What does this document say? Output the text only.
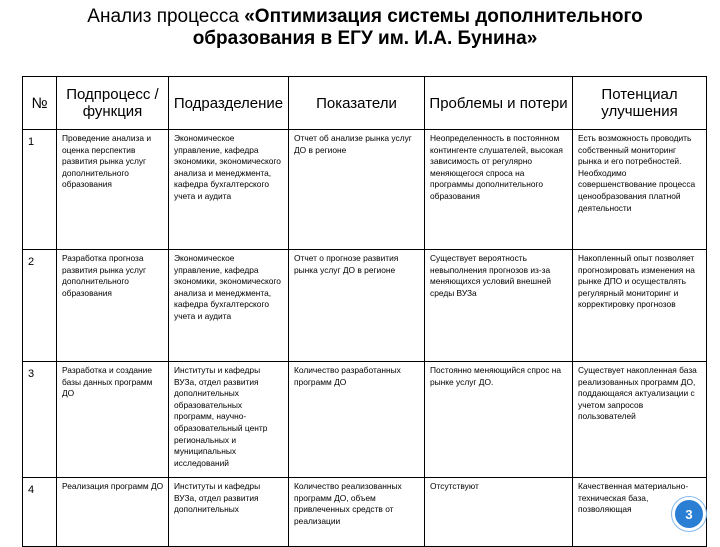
Анализ процесса «Оптимизация системы дополнительного образования в ЕГУ им. И.А. Бунина»
№	Подпроцесс / функция	Подразделение	Показатели	Проблемы и потери	Потенциал улучшения
1	Проведение анализа и оценка перспектив развития рынка услуг дополнительного образования	Экономическое управление, кафедра экономики, экономического анализа и менеджмента, кафедра бухгалтерского учета и аудита	Отчет об анализе рынка услуг ДО в регионе	Неопределенность в постоянном контингенте слушателей, высокая зависимость от регулярно меняющегося спроса на программы дополнительного образования	Есть возможность проводить собственный мониторинг рынка и его потребностей. Необходимо совершенствование процесса ценообразования платной деятельности
2	Разработка прогноза развития рынка услуг дополнительного образования	Экономическое управление, кафедра экономики, экономического анализа и менеджмента, кафедра бухгалтерского учета и аудита	Отчет о прогнозе развития рынка услуг ДО в регионе	Существует вероятность невыполнения прогнозов из-за меняющихся условий внешней среды ВУЗа	Накопленный опыт позволяет прогнозировать изменения на рынке ДПО и осуществлять регулярный мониторинг и корректировку прогнозов
3	Разработка и создание базы данных программ ДО	Институты и кафедры ВУЗа, отдел развития дополнительных образовательных программ, научно-образовательный центр региональных и муниципальных исследований	Количество разработанных программ ДО	Постоянно меняющийся спрос на рынке услуг ДО.	Существует накопленная база реализованных программ ДО, поддающаяся актуализации с учетом запросов пользователей
4	Реализация программ ДО	Институты и кафедры ВУЗа, отдел развития дополнительных	Количество реализованных программ ДО, объем привлеченных средств от реализации	Отсутствуют	Качественная материально-техническая база, позволяющая	3
